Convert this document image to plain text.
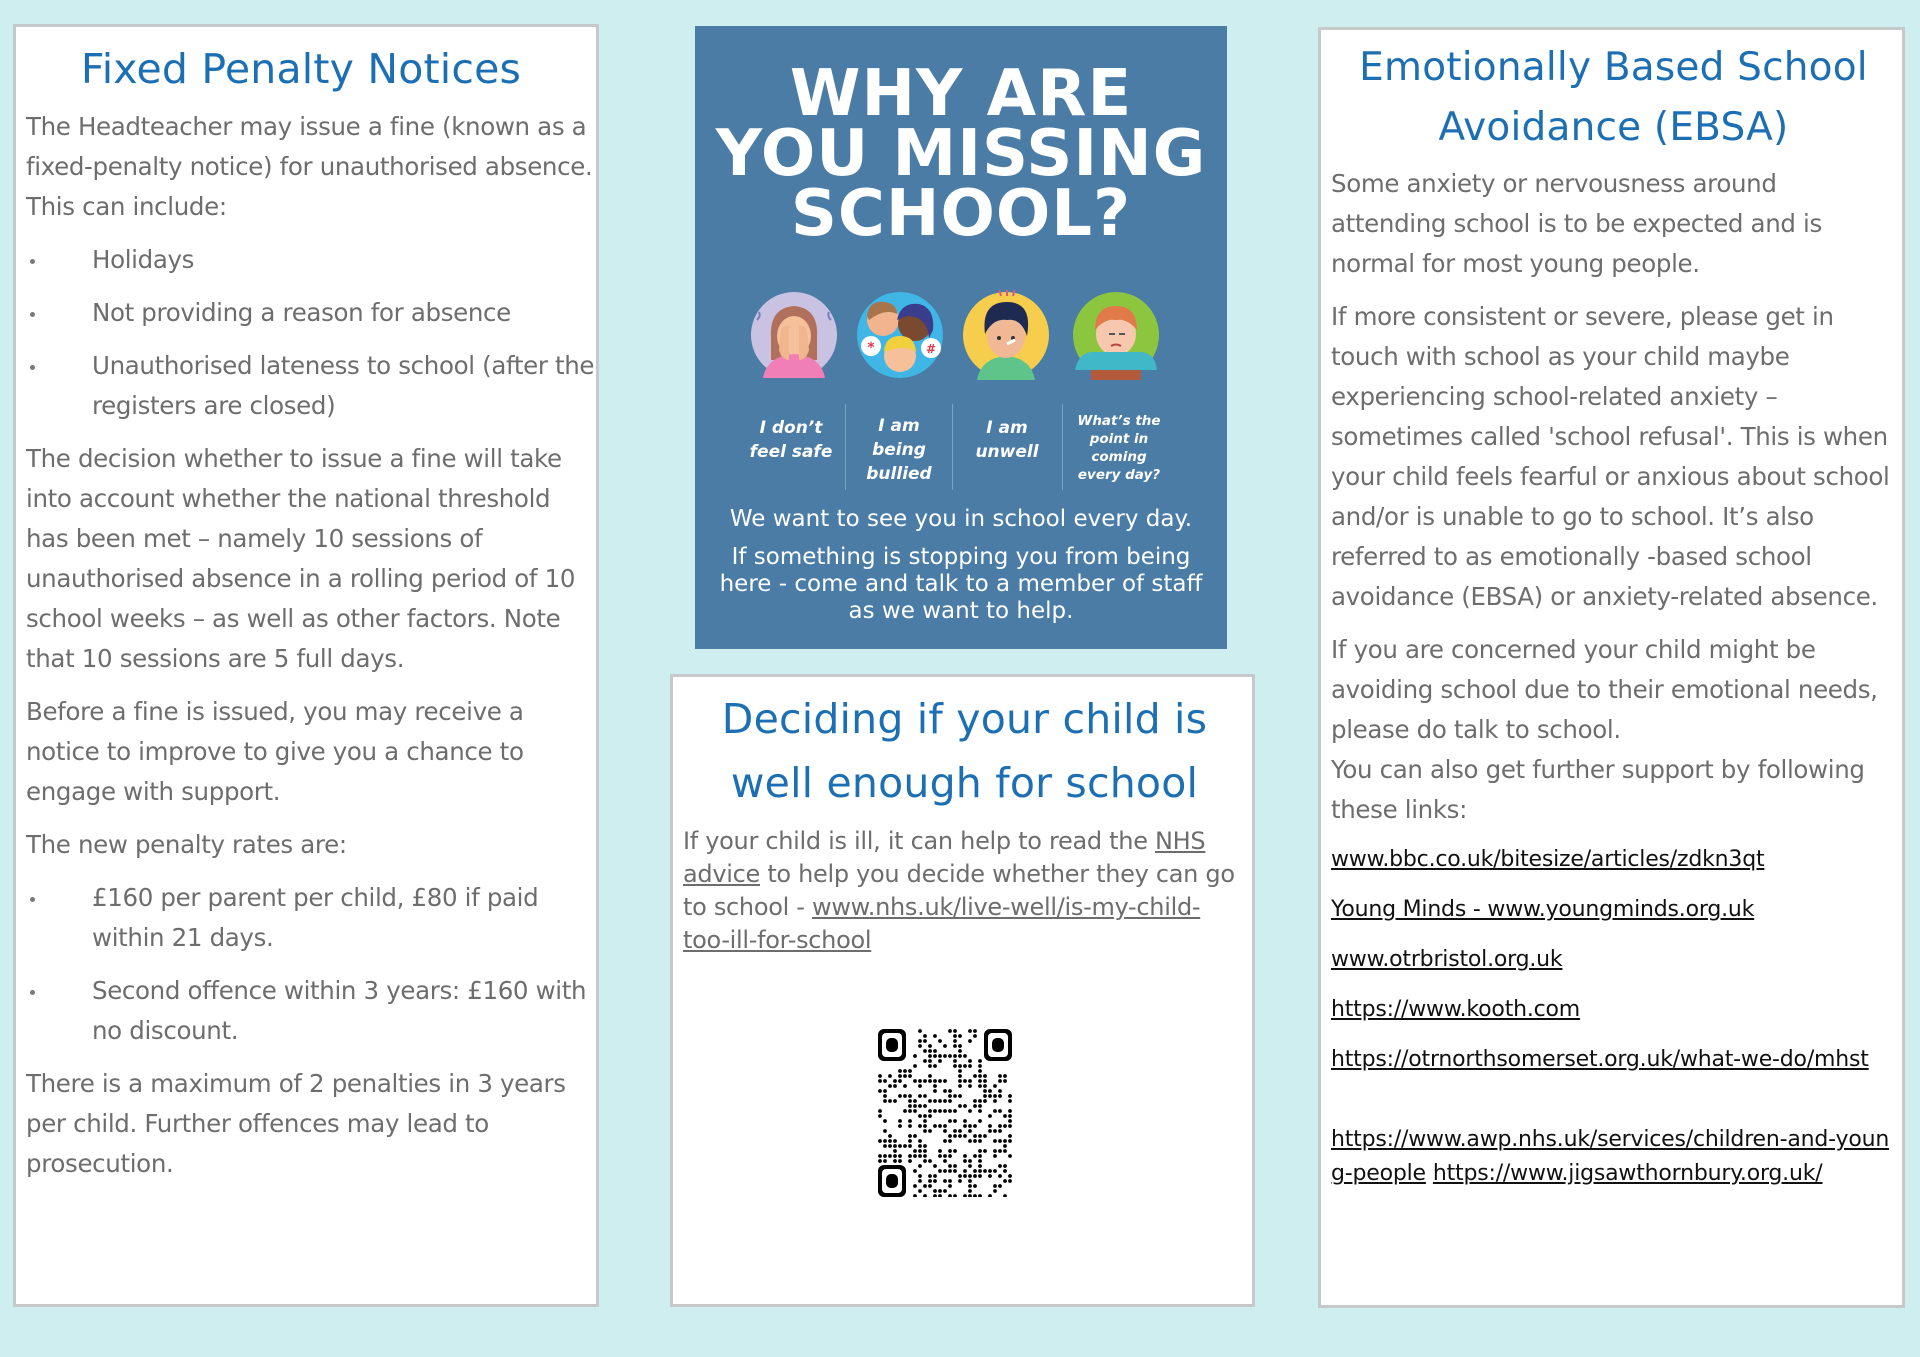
Fixed Penalty Notices

The Headteacher may issue a fine (known as a fixed-penalty notice) for unauthorised absence. This can include:

Holidays
Not providing a reason for absence
Unauthorised lateness to school (after the registers are closed)

The decision whether to issue a fine will take into account whether the national threshold has been met – namely 10 sessions of unauthorised absence in a rolling period of 10 school weeks – as well as other factors. Note that 10 sessions are 5 full days.

Before a fine is issued, you may receive a notice to improve to give you a chance to engage with support.

The new penalty rates are:

£160 per parent per child, £80 if paid within 21 days.
Second offence within 3 years: £160 with no discount.

There is a maximum of 2 penalties in 3 years per child. Further offences may lead to prosecution.

WHY ARE
YOU MISSING
SCHOOL?
*	#
I don’t
feel safe
I am
being
bullied
I am
unwell
What’s the
point in
coming
every day?
We want to see you in school every day.
If something is stopping you from being here - come and talk to a member of staff as we want to help.
Deciding if your child is
well enough for school

If your child is ill, it can help to read the NHS advice to help you decide whether they can go to school - www.nhs.uk/live-well/is-my-child-too-ill-for-school

Emotionally Based School
Avoidance (EBSA)

Some anxiety or nervousness around attending school is to be expected and is normal for most young people.

If more consistent or severe, please get in touch with school as your child maybe experiencing school-related anxiety – sometimes called 'school refusal'. This is when your child feels fearful or anxious about school and/or is unable to go to school. It’s also referred to as emotionally -based school avoidance (EBSA) or anxiety-related absence.

If you are concerned your child might be avoiding school due to their emotional needs, please do talk to school.
You can also get further support by following these links:

www.bbc.co.uk/bitesize/articles/zdkn3qt
Young Minds - www.youngminds.org.uk
www.otrbristol.org.uk
https://www.kooth.com
https://otrnorthsomerset.org.uk/what-we-do/mhst
https://www.awp.nhs.uk/services/children-and-young-people https://www.jigsawthornbury.org.uk/
